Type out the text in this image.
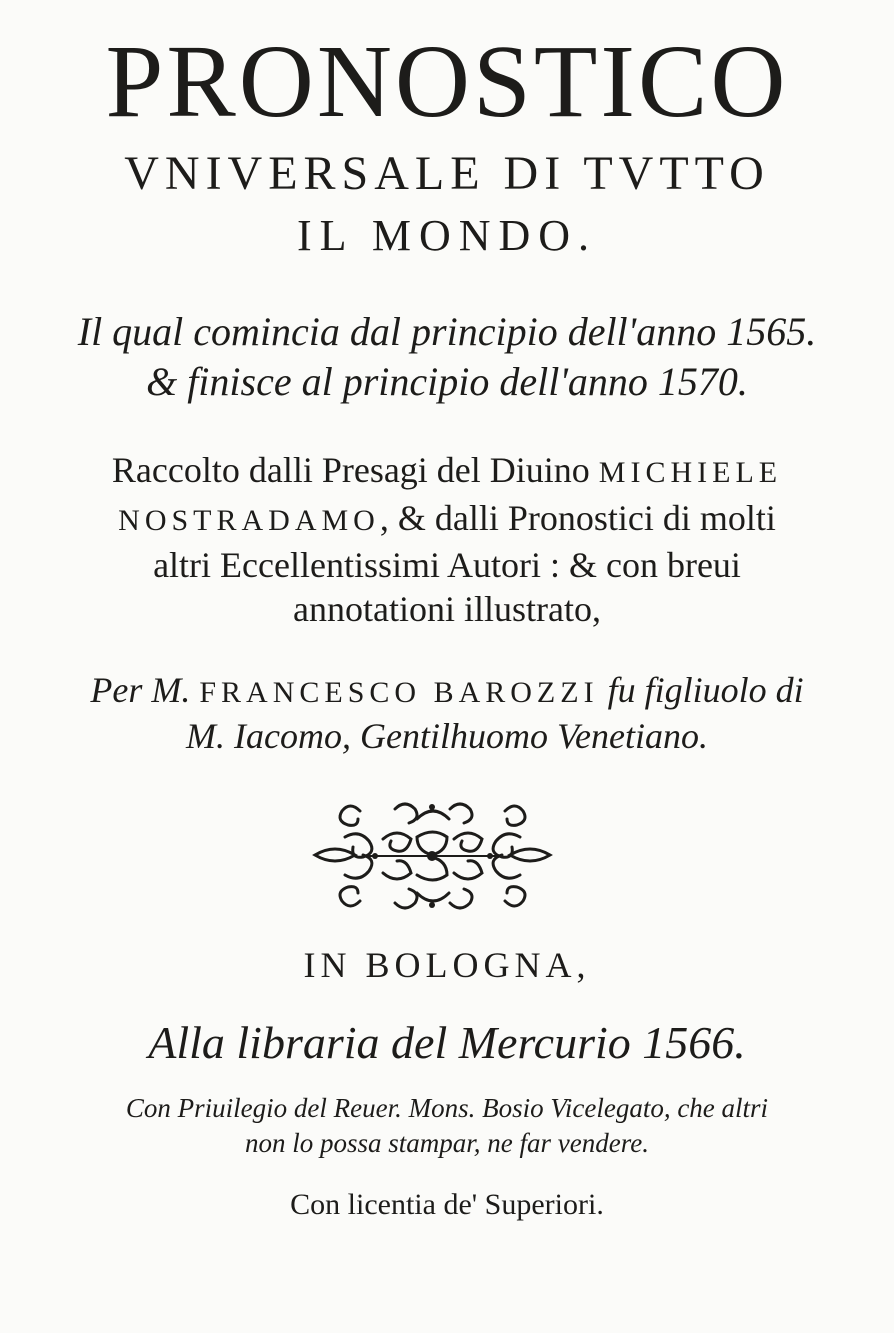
PRONOSTICO
VNIVERSALE DI TVTTO
IL MONDO.
Il qual comincia dal principio dell'anno 1565.
& finisce al principio dell'anno 1570.
Raccolto dalli Presagi del Diuino MICHIELE
NOSTRADAMO, & dalli Pronostici di molti
altri Eccellentissimi Autori : & con breui
annotationi illustrato,
Per M. FRANCESCO BAROZZI fu figliuolo di
M. Iacomo, Gentilhuomo Venetiano.
IN BOLOGNA,
Alla libraria del Mercurio 1566.
Con Priuilegio del Reuer. Mons. Bosio Vicelegato, che altri
non lo possa stampar, ne far vendere.
Con licentia de' Superiori.
